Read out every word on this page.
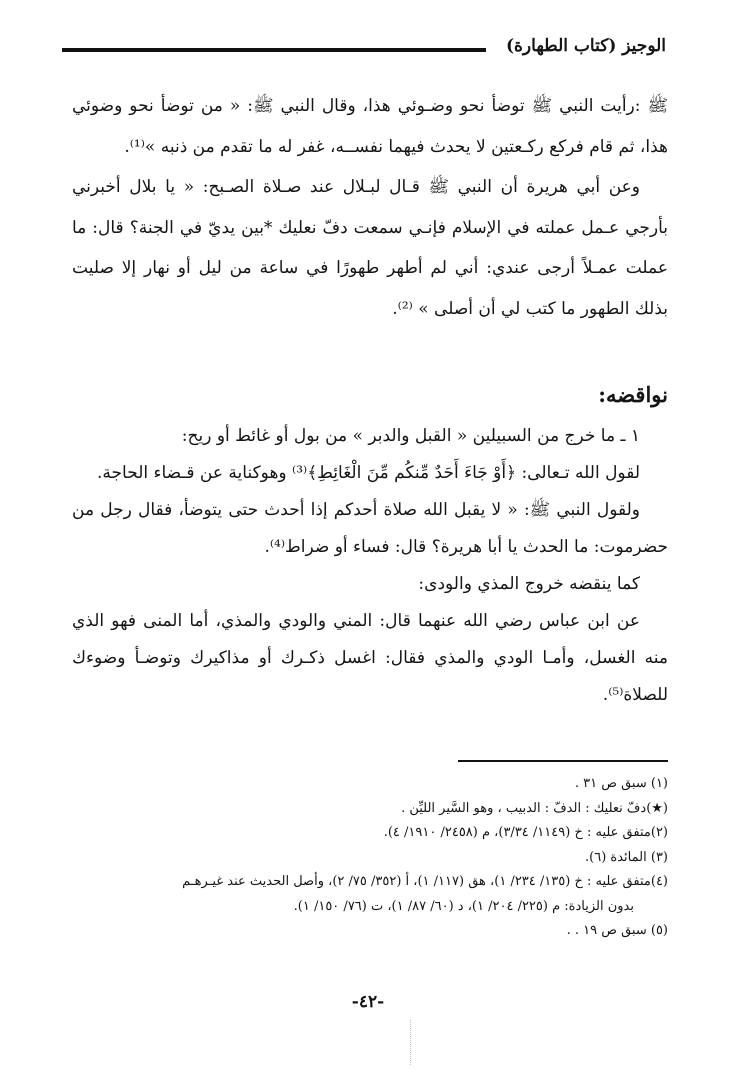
الوجيز (كتاب الطهارة)

ﷺ :رأيت النبي ﷺ توضأ نحو وضـوئي هذا، وقال النبي ﷺ: « من توضأ نحو وضوئي هذا، ثم قام فركع ركـعتين لا يحدث فيهما نفســه، غفر له ما تقدم من ذنبه »⁽¹⁾.

وعن أبي هريرة أن النبي ﷺ قـال لبـلال عند صـلاة الصـبح: « يا بلال أخبرني بأرجي عـمل عملته في الإسلام فإنـي سمعت دفّ نعليك *بين يديّ في الجنة؟ قال: ما عملت عمـلاً أرجى عندي: أني لم أطهر طهورًا في ساعة من ليل أو نهار إلا صليت بذلك الطهور ما كتب لي أن أصلى » ⁽²⁾.

نواقضه:

١ ـ ما خرج من السبيلين « القبل والدبر » من بول أو غائط أو ريح:

لقول الله تـعالى: ﴿أَوْ جَاءَ أَحَدٌ مِّنكُم مِّنَ الْغَائِطِ﴾⁽³⁾ وهوكناية عن قـضاء الحاجة.

ولقول النبي ﷺ: « لا يقبل الله صلاة أحدكم إذا أحدث حتى يتوضأ، فقال رجل من حضرموت: ما الحدث يا أبا هريرة؟ قال: فساء أو ضراط⁽⁴⁾.

كما ينقضه خروج المذي والودى:

عن ابن عباس رضي الله عنهما قال: المني والودي والمذي، أما المنى فهو الذي منه الغسل، وأمـا الودي والمذي فقال: اغسل ذكـرك أو مذاكيرك وتوضـأ وضوءك للصلاة⁽⁵⁾.

(١) سبق ص ٣١ .
(★)دفّ نعليك : الدفّ : الدبيب ، وهو السَّير الليِّن .
(٢)متفق عليه : خ (١١٤٩/ ٣/٣٤)، م (٢٤٥٨/ ١٩١٠/ ٤).
(٣) المائدة (٦).
(٤)متفق عليه : خ (١٣٥/ ٢٣٤/ ١)، هق (١١٧/ ١)، أ (٣٥٢/ ٧٥/ ٢)، وأصل الحديث عند غيـرهـم
بدون الزيادة: م (٢٢٥/ ٢٠٤/ ١)، د (٦٠/ ٨٧/ ١)، ت (٧٦/ ١٥٠/ ١).
(٥) سبق ص ١٩ . .
-٤٢-
